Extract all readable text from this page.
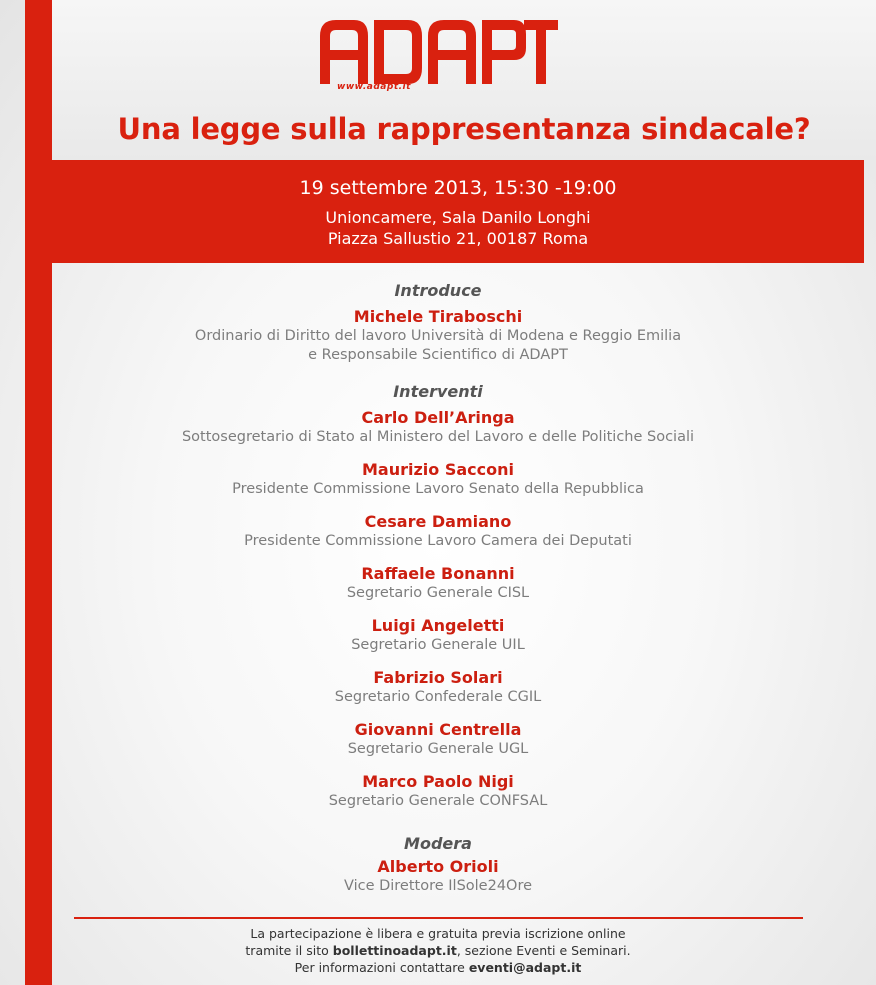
www.adapt.it
Una legge sulla rappresentanza sindacale?
19 settembre 2013, 15:30 -19:00
Unioncamere, Sala Danilo Longhi
Piazza Sallustio 21, 00187 Roma
Introduce
Michele Tiraboschi
Ordinario di Diritto del lavoro Università di Modena e Reggio Emilia
e Responsabile Scientifico di ADAPT
Interventi
Carlo Dell’Aringa
Sottosegretario di Stato al Ministero del Lavoro e delle Politiche Sociali
Maurizio Sacconi
Presidente Commissione Lavoro Senato della Repubblica
Cesare Damiano
Presidente Commissione Lavoro Camera dei Deputati
Raffaele Bonanni
Segretario Generale CISL
Luigi Angeletti
Segretario Generale UIL
Fabrizio Solari
Segretario Confederale CGIL
Giovanni Centrella
Segretario Generale UGL
Marco Paolo Nigi
Segretario Generale CONFSAL
Modera
Alberto Orioli
Vice Direttore IlSole24Ore
La partecipazione è libera e gratuita previa iscrizione online
tramite il sito bollettinoadapt.it, sezione Eventi e Seminari.
Per informazioni contattare eventi@adapt.it
